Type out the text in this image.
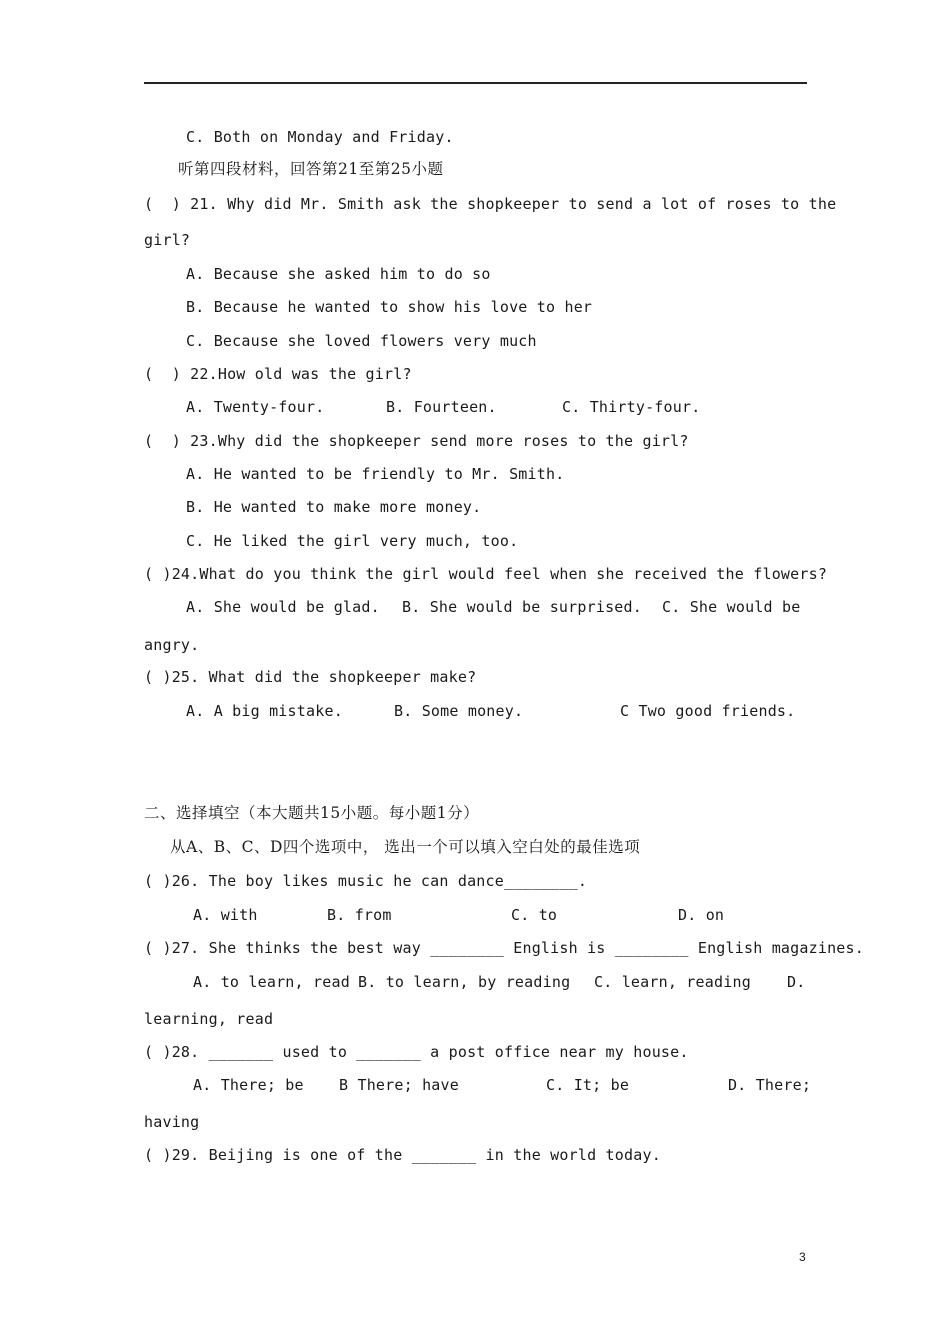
C. Both on Monday and Friday.
听第四段材料，回答第21至第25小题
(  ) 21. Why did Mr. Smith ask the shopkeeper to send a lot of roses to the
girl?
A. Because she asked him to do so
B. Because he wanted to show his love to her
C. Because she loved flowers very much
(  ) 22.How old was the girl?
A. Twenty-four.	B. Fourteen.	C. Thirty-four.
(  ) 23.Why did the shopkeeper send more roses to the girl?
A. He wanted to be friendly to Mr. Smith.
B. He wanted to make more money.
C. He liked the girl very much, too.
( )24.What do you think the girl would feel when she received the flowers?
A. She would be glad. B. She would be surprised. C. She would be
angry.
( )25. What did the shopkeeper make?
A. A big mistake.	B. Some money.	C Two good friends.
二、选择填空（本大题共15小题。每小题1分）
从A、B、C、D四个选项中， 选出一个可以填入空白处的最佳选项
( )26. The boy likes music he can dance________.
A. with	B. from	C. to	D. on
( )27. She thinks the best way ________ English is ________ English magazines.
A. to learn, read B. to learn, by reading C. learn, reading D.
learning, read
( )28. _______ used to _______ a post office near my house.
A. There; be B There; have	C. It; be	D. There;
having
( )29. Beijing is one of the _______ in the world today.
3
